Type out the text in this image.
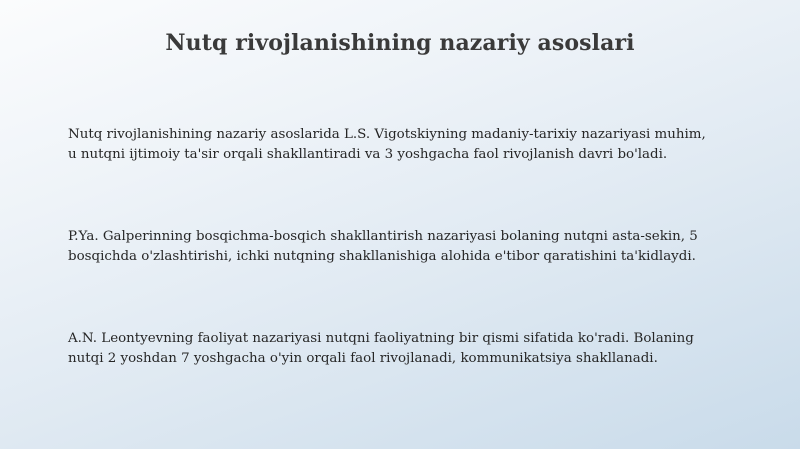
Nutq rivojlanishining nazariy asoslari
Nutq rivojlanishining nazariy asoslarida L.S. Vigotskiyning madaniy-tarixiy nazariyasi muhim,
u nutqni ijtimoiy ta'sir orqali shakllantiradi va 3 yoshgacha faol rivojlanish davri bo'ladi.
P.Ya. Galperinning bosqichma-bosqich shakllantirish nazariyasi bolaning nutqni asta-sekin, 5
bosqichda o'zlashtirishi, ichki nutqning shakllanishiga alohida e'tibor qaratishini ta'kidlaydi.
A.N. Leontyevning faoliyat nazariyasi nutqni faoliyatning bir qismi sifatida ko'radi. Bolaning
nutqi 2 yoshdan 7 yoshgacha o'yin orqali faol rivojlanadi, kommunikatsiya shakllanadi.
